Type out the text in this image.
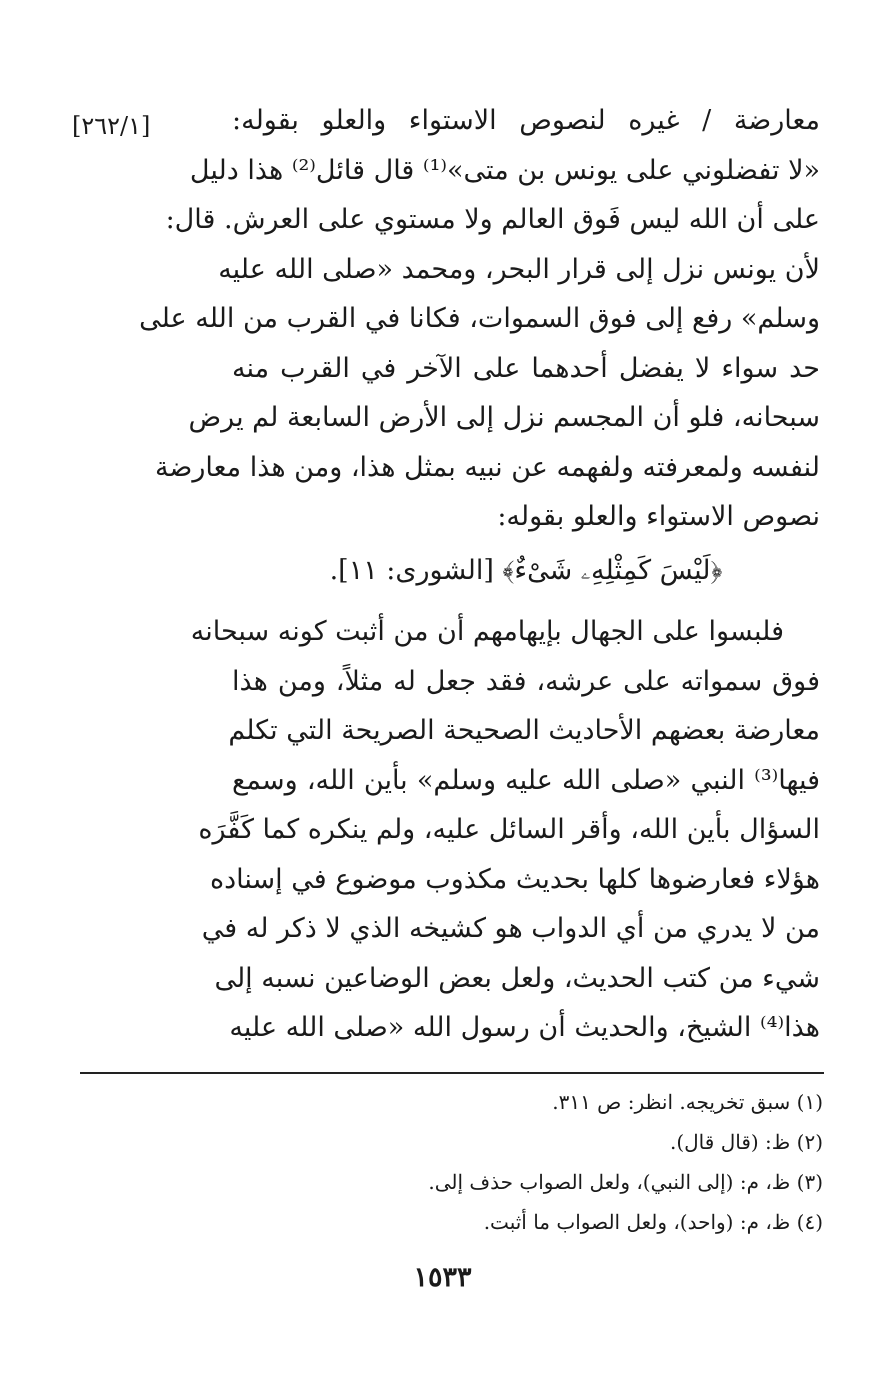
[٢٦٢/١]	معارضة / غيره لنصوص الاستواء والعلو بقوله:
«لا تفضلوني على يونس بن متى»⁽¹⁾ قال قائل⁽²⁾ هذا دليل
على أن الله ليس فَوق العالم ولا مستوي على العرش. قال:
لأن يونس نزل إلى قرار البحر، ومحمد «صلى الله عليه
وسلم» رفع إلى فوق السموات، فكانا في القرب من الله على
حد سواء لا يفضل أحدهما على الآخر في القرب منه
سبحانه، فلو أن المجسم نزل إلى الأرض السابعة لم يرض
لنفسه ولمعرفته ولفهمه عن نبيه بمثل هذا، ومن هذا معارضة
نصوص الاستواء والعلو بقوله:
﴿لَيْسَ كَمِثْلِهِۦ شَىْءٌ﴾ [الشورى: ١١].
فلبسوا على الجهال بإيهامهم أن من أثبت كونه سبحانه
فوق سمواته على عرشه، فقد جعل له مثلاً، ومن هذا
معارضة بعضهم الأحاديث الصحيحة الصريحة التي تكلم
فيها⁽³⁾ النبي «صلى الله عليه وسلم» بأين الله، وسمع
السؤال بأين الله، وأقر السائل عليه، ولم ينكره كما كَفَّرَه
هؤلاء فعارضوها كلها بحديث مكذوب موضوع في إسناده
من لا يدري من أي الدواب هو كشيخه الذي لا ذكر له في
شيء من كتب الحديث، ولعل بعض الوضاعين نسبه إلى
هذا⁽⁴⁾ الشيخ، والحديث أن رسول الله «صلى الله عليه
(١) سبق تخريجه. انظر: ص ٣١١.
(٢) ظ: (قال قال).
(٣) ظ، م: (إلى النبي)، ولعل الصواب حذف إلى.
(٤) ظ، م: (واحد)، ولعل الصواب ما أثبت.
١٥٣٣
